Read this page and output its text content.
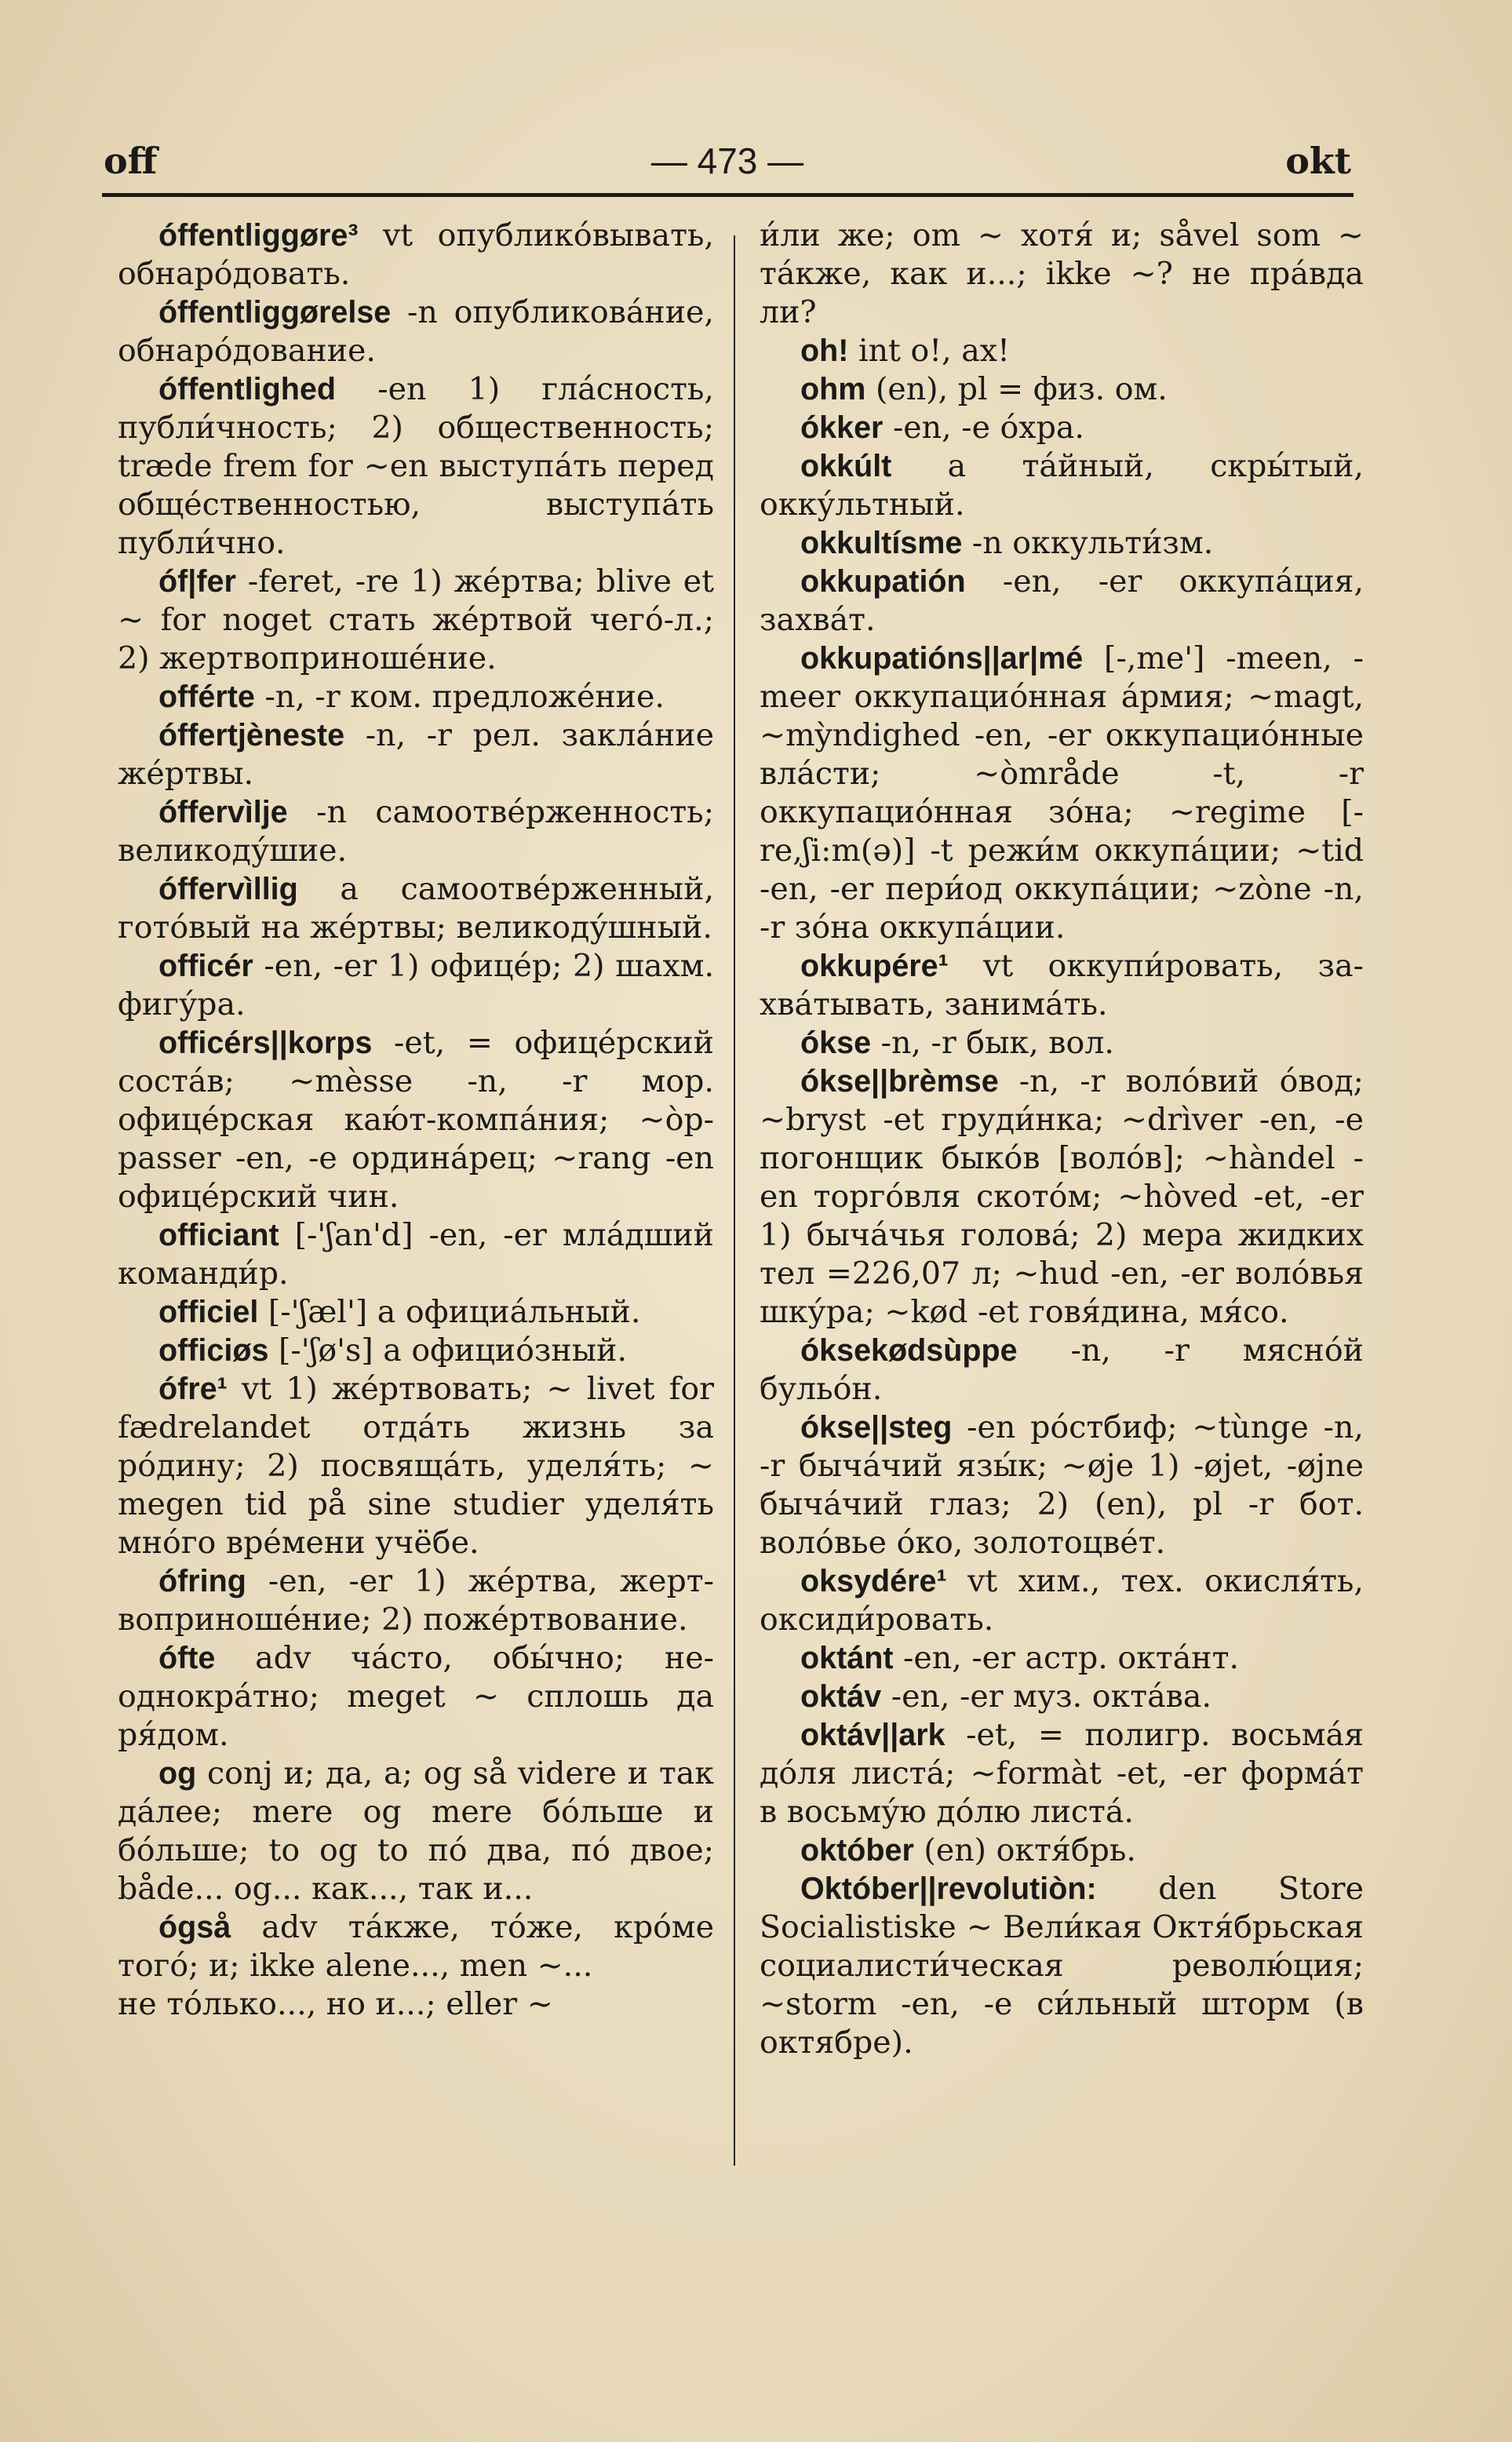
off	— 473 —	okt

óffentliggøre³ vt опублико́вывать, обнаро́довать.

óffentliggørelse -n опубликова́ние, обнаро́дование.

óffentlighed -en 1) гла́сность, публи́чность; 2) общественность; træde frem for ~en выступа́ть перед обще́ственностью, выступа́ть публи́чно.

óf|fer -feret, -re 1) же́ртва; blive et ~ for noget стать же́ртвой чего́-л.; 2) жертвоприноше́ние.

offérte -n, -r ком. предложе́ние.

óffertjèneste -n, -r рел. закла́ние же́ртвы.

óffervìlje -n самоотве́рженность; великоду́шие.

óffervìllig a самоотве́рженный, гото́вый на же́ртвы; великоду́шный.

officér -en, -er 1) офице́р; 2) шахм. фигу́ра.

officérs||korps -et, = офице́рский соста́в; ~mèsse -n, -r мор. офице́рская каю́т-компа́ния; ~òppasser -en, -e ордина́рец; ~rang -en офице́рский чин.

officiant [-'ʃan'd] -en, -er мла́дший команди́р.

officiel [-'ʃæl'] a официа́льный.

officiøs [-'ʃø's] a официо́зный.

ófre¹ vt 1) же́ртвовать; ~ livet for fædrelandet отда́ть жизнь за ро́дину; 2) посвяща́ть, уделя́ть; ~ megen tid på sine studier уделя́ть мно́го вре́мени учёбе.

ófring -en, -er 1) же́ртва, жертвоприноше́ние; 2) поже́ртвование.

ófte adv ча́сто, обы́чно; неоднокра́тно; meget ~ сплошь да ря́дом.

og conj и; да, а; og så videre и так да́лее; mere og mere бо́льше и бо́льше; to og to по́ два, по́ двое; både... og... как..., так и...

ógså adv та́кже, то́же, кро́ме того́; и; ikke alene..., men ~...

не то́лько..., но и...; eller ~

и́ли же; om ~ хотя́ и; såvel som ~ та́кже, как и...; ikke ~? не пра́вда ли?

oh! int o!, ах!

ohm (en), pl = физ. ом.

ókker -en, -e о́хра.

okkúlt a та́йный, скры́тый, окку́льтный.

okkultísme -n оккульти́зм.

okkupatión -en, -er оккупа́ция, захва́т.

okkupatións||ar|mé [-,me'] -meen, -meer оккупацио́нная а́рмия; ~magt, ~mỳndighed -en, -er оккупацио́нные вла́сти; ~òmråde -t, -r оккупацио́нная зо́на; ~regime [-re,ʃi:m(ə)] -t режи́м оккупа́ции; ~tid -en, -er пери́од оккупа́ции; ~zòne -n, -r зо́на оккупа́ции.

okkupére¹ vt оккупи́ровать, захва́тывать, занима́ть.

ókse -n, -r бык, вол.

ókse||brèmse -n, -r воло́вий о́вод; ~bryst -et груди́нка; ~drìver -en, -e погонщик быко́в [воло́в]; ~hàndel -en торго́вля ското́м; ~hòved -et, -er 1) быча́чья голова́; 2) мера жидких тел =226,07 л; ~hud -en, -er воло́вья шку́ра; ~kød -et говя́дина, мя́со.

óksekødsùppe -n, -r мясно́й бульо́н.

ókse||steg -en ро́стбиф; ~tùnge -n, -r быча́чий язы́к; ~øje 1) -øjet, -øjne быча́чий глаз; 2) (en), pl -r бот. воло́вье о́ко, золотоцве́т.

oksydére¹ vt хим., тех. окисля́ть, оксиди́ровать.

oktánt -en, -er астр. окта́нт.

oktáv -en, -er муз. окта́ва.

oktáv||ark -et, = полигр. восьма́я до́ля листа́; ~formàt -et, -er форма́т в восьму́ю до́лю листа́.

október (en) октя́брь.

Október||revolutiòn: den Store Socialistiske ~ Вели́кая Октя́брьская социалисти́ческая револю́ция; ~storm -en, -e си́льный шторм (в октябре).
